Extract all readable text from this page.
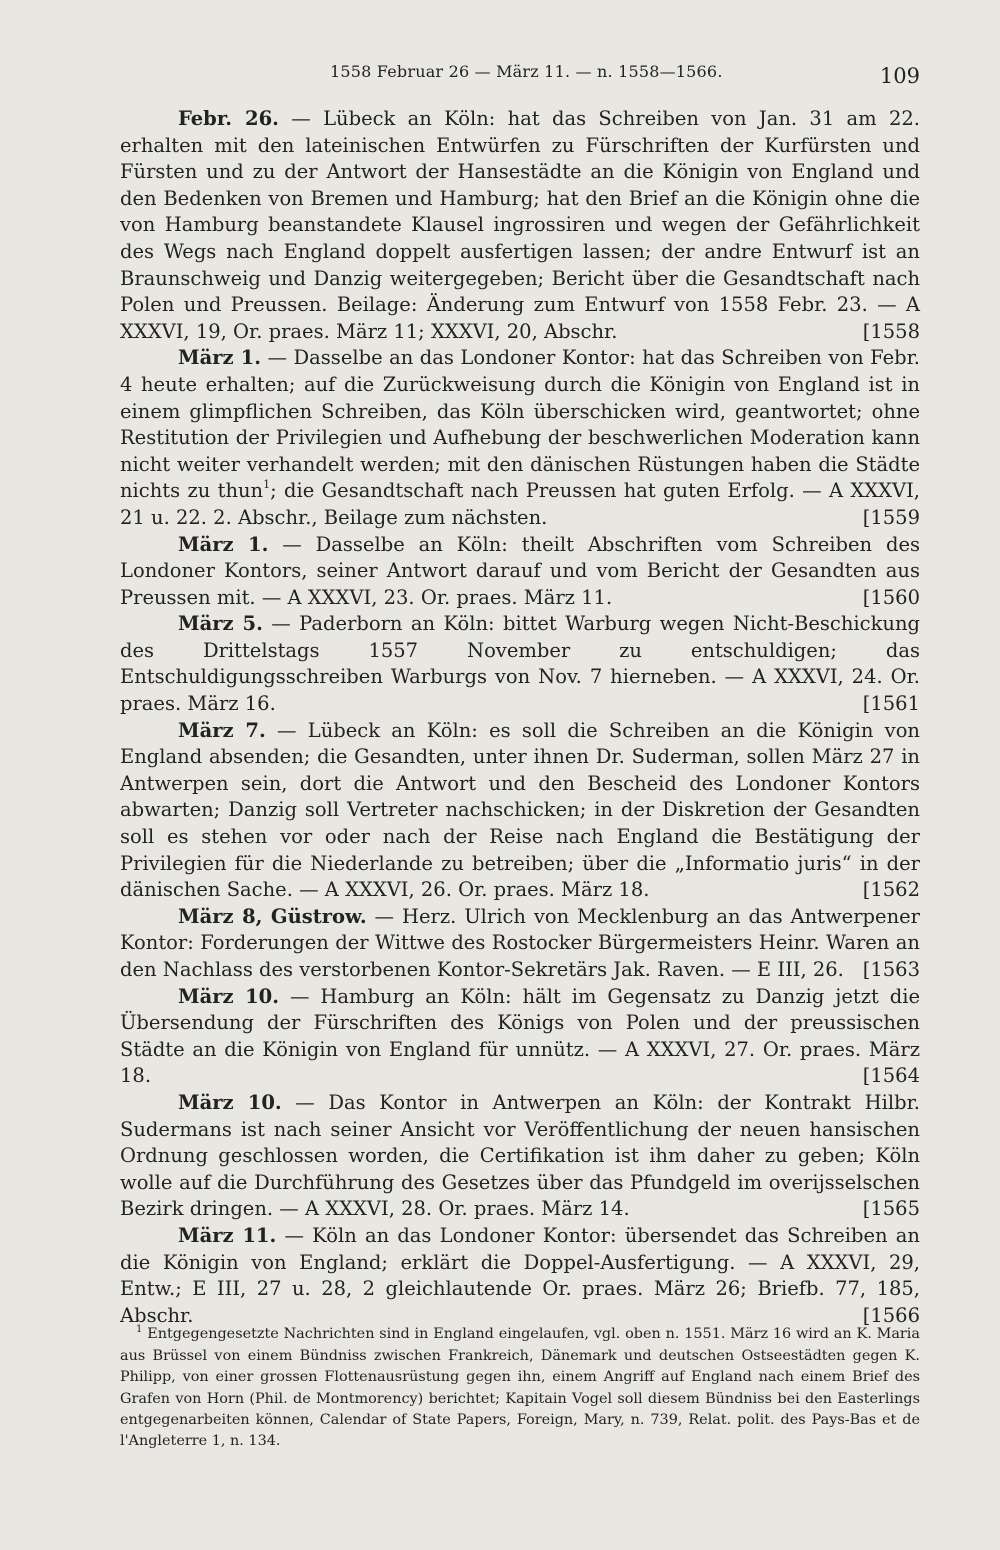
1558 Februar 26 — März 11. — n. 1558—1566.	109

Febr. 26. — Lübeck an Köln: hat das Schreiben von Jan. 31 am 22. erhalten mit den lateinischen Entwürfen zu Fürschriften der Kurfürsten und Fürsten und zu der Antwort der Hansestädte an die Königin von England und den Bedenken von Bremen und Hamburg; hat den Brief an die Königin ohne die von Hamburg beanstandete Klausel ingrossiren und wegen der Gefährlichkeit des Wegs nach England doppelt ausfertigen lassen; der andre Entwurf ist an Braunschweig und Danzig weitergegeben; Bericht über die Gesandtschaft nach Polen und Preussen. Beilage: Änderung zum Entwurf von 1558 Febr. 23. — A XXXVI, 19, Or. praes. März 11; XXXVI, 20, Abschr.	[1558

März 1. — Dasselbe an das Londoner Kontor: hat das Schreiben von Febr. 4 heute erhalten; auf die Zurückweisung durch die Königin von England ist in einem glimpflichen Schreiben, das Köln überschicken wird, geantwortet; ohne Restitution der Privilegien und Aufhebung der beschwerlichen Moderation kann nicht weiter verhandelt werden; mit den dänischen Rüstungen haben die Städte nichts zu thun$^1$; die Gesandtschaft nach Preussen hat guten Erfolg. — A XXXVI, 21 u. 22. 2. Abschr., Beilage zum nächsten.	[1559

März 1. — Dasselbe an Köln: theilt Abschriften vom Schreiben des Londoner Kontors, seiner Antwort darauf und vom Bericht der Gesandten aus Preussen mit. — A XXXVI, 23. Or. praes. März 11.	[1560

März 5. — Paderborn an Köln: bittet Warburg wegen Nicht-Beschickung des Drittelstags 1557 November zu entschuldigen; das Entschuldigungsschreiben Warburgs von Nov. 7 hierneben. — A XXXVI, 24. Or. praes. März 16.	[1561

März 7. — Lübeck an Köln: es soll die Schreiben an die Königin von England absenden; die Gesandten, unter ihnen Dr. Suderman, sollen März 27 in Antwerpen sein, dort die Antwort und den Bescheid des Londoner Kontors abwarten; Danzig soll Vertreter nachschicken; in der Diskretion der Gesandten soll es stehen vor oder nach der Reise nach England die Bestätigung der Privilegien für die Niederlande zu betreiben; über die „Informatio juris“ in der dänischen Sache. — A XXXVI, 26. Or. praes. März 18.	[1562

März 8, Güstrow. — Herz. Ulrich von Mecklenburg an das Antwerpener Kontor: Forderungen der Wittwe des Rostocker Bürgermeisters Heinr. Waren an den Nachlass des verstorbenen Kontor-Sekretärs Jak. Raven. — E III, 26. [1563

März 10. — Hamburg an Köln: hält im Gegensatz zu Danzig jetzt die Übersendung der Fürschriften des Königs von Polen und der preussischen Städte an die Königin von England für unnütz. — A XXXVI, 27. Or. praes. März 18.	[1564

März 10. — Das Kontor in Antwerpen an Köln: der Kontrakt Hilbr. Sudermans ist nach seiner Ansicht vor Veröffentlichung der neuen hansischen Ordnung geschlossen worden, die Certifikation ist ihm daher zu geben; Köln wolle auf die Durchführung des Gesetzes über das Pfundgeld im overijsselschen Bezirk dringen. — A XXXVI, 28. Or. praes. März 14.	[1565

März 11. — Köln an das Londoner Kontor: übersendet das Schreiben an die Königin von England; erklärt die Doppel-Ausfertigung. — A XXXVI, 29, Entw.; E III, 27 u. 28, 2 gleichlautende Or. praes. März 26; Briefb. 77, 185, Abschr.	[1566

$^1$ Entgegengesetzte Nachrichten sind in England eingelaufen, vgl. oben n. 1551. März 16 wird an K. Maria aus Brüssel von einem Bündniss zwischen Frankreich, Dänemark und deutschen Ostseestädten gegen K. Philipp, von einer grossen Flottenausrüstung gegen ihn, einem Angriff auf England nach einem Brief des Grafen von Horn (Phil. de Montmorency) berichtet; Kapitain Vogel soll diesem Bündniss bei den Easterlings entgegenarbeiten können, Calendar of State Papers, Foreign, Mary, n. 739, Relat. polit. des Pays-Bas et de l'Angleterre 1, n. 134.
